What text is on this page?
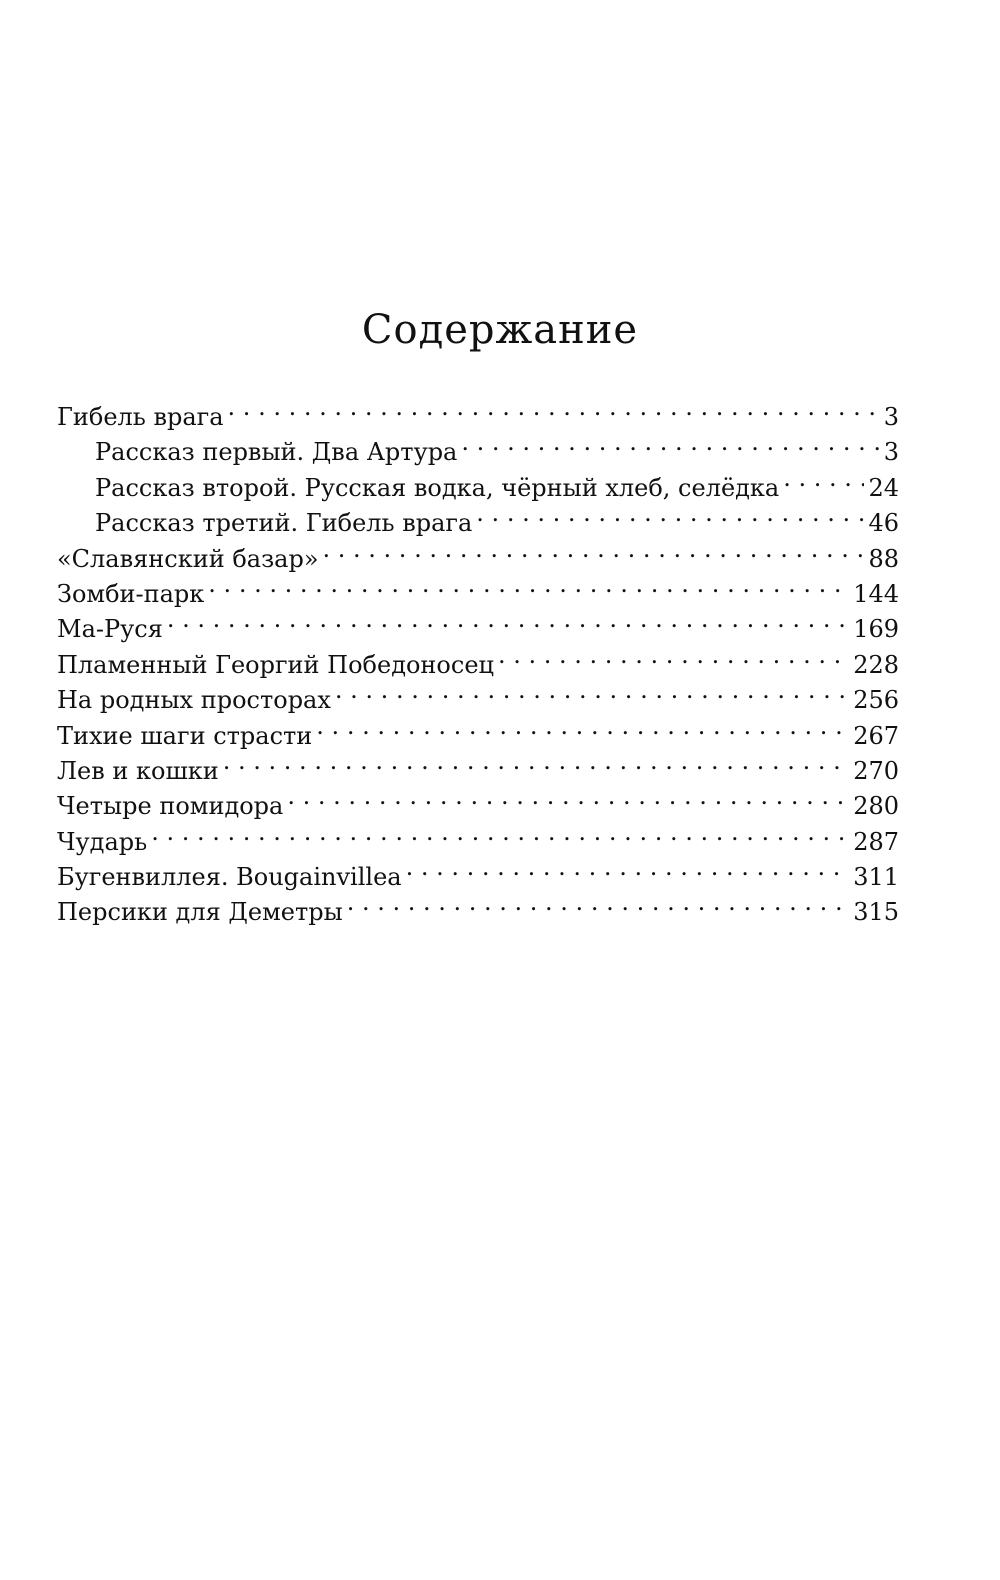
Содержание
Гибель врага . . .	3
Рассказ первый. Два Артура . . .	3
Рассказ второй. Русская водка, чёрный хлеб, селёдка . . .	24
Рассказ третий. Гибель врага . . .	46
«Славянский базар» . . .	88
Зомби-парк . . .	144
Ма-Руся . . .	169
Пламенный Георгий Победоносец . . .	228
На родных просторах . . .	256
Тихие шаги страсти . . .	267
Лев и кошки . . .	270
Четыре помидора . . .	280
Чударь . . .	287
Бугенвиллея. Bougainvillea . . .	311
Персики для Деметры . . .	315
